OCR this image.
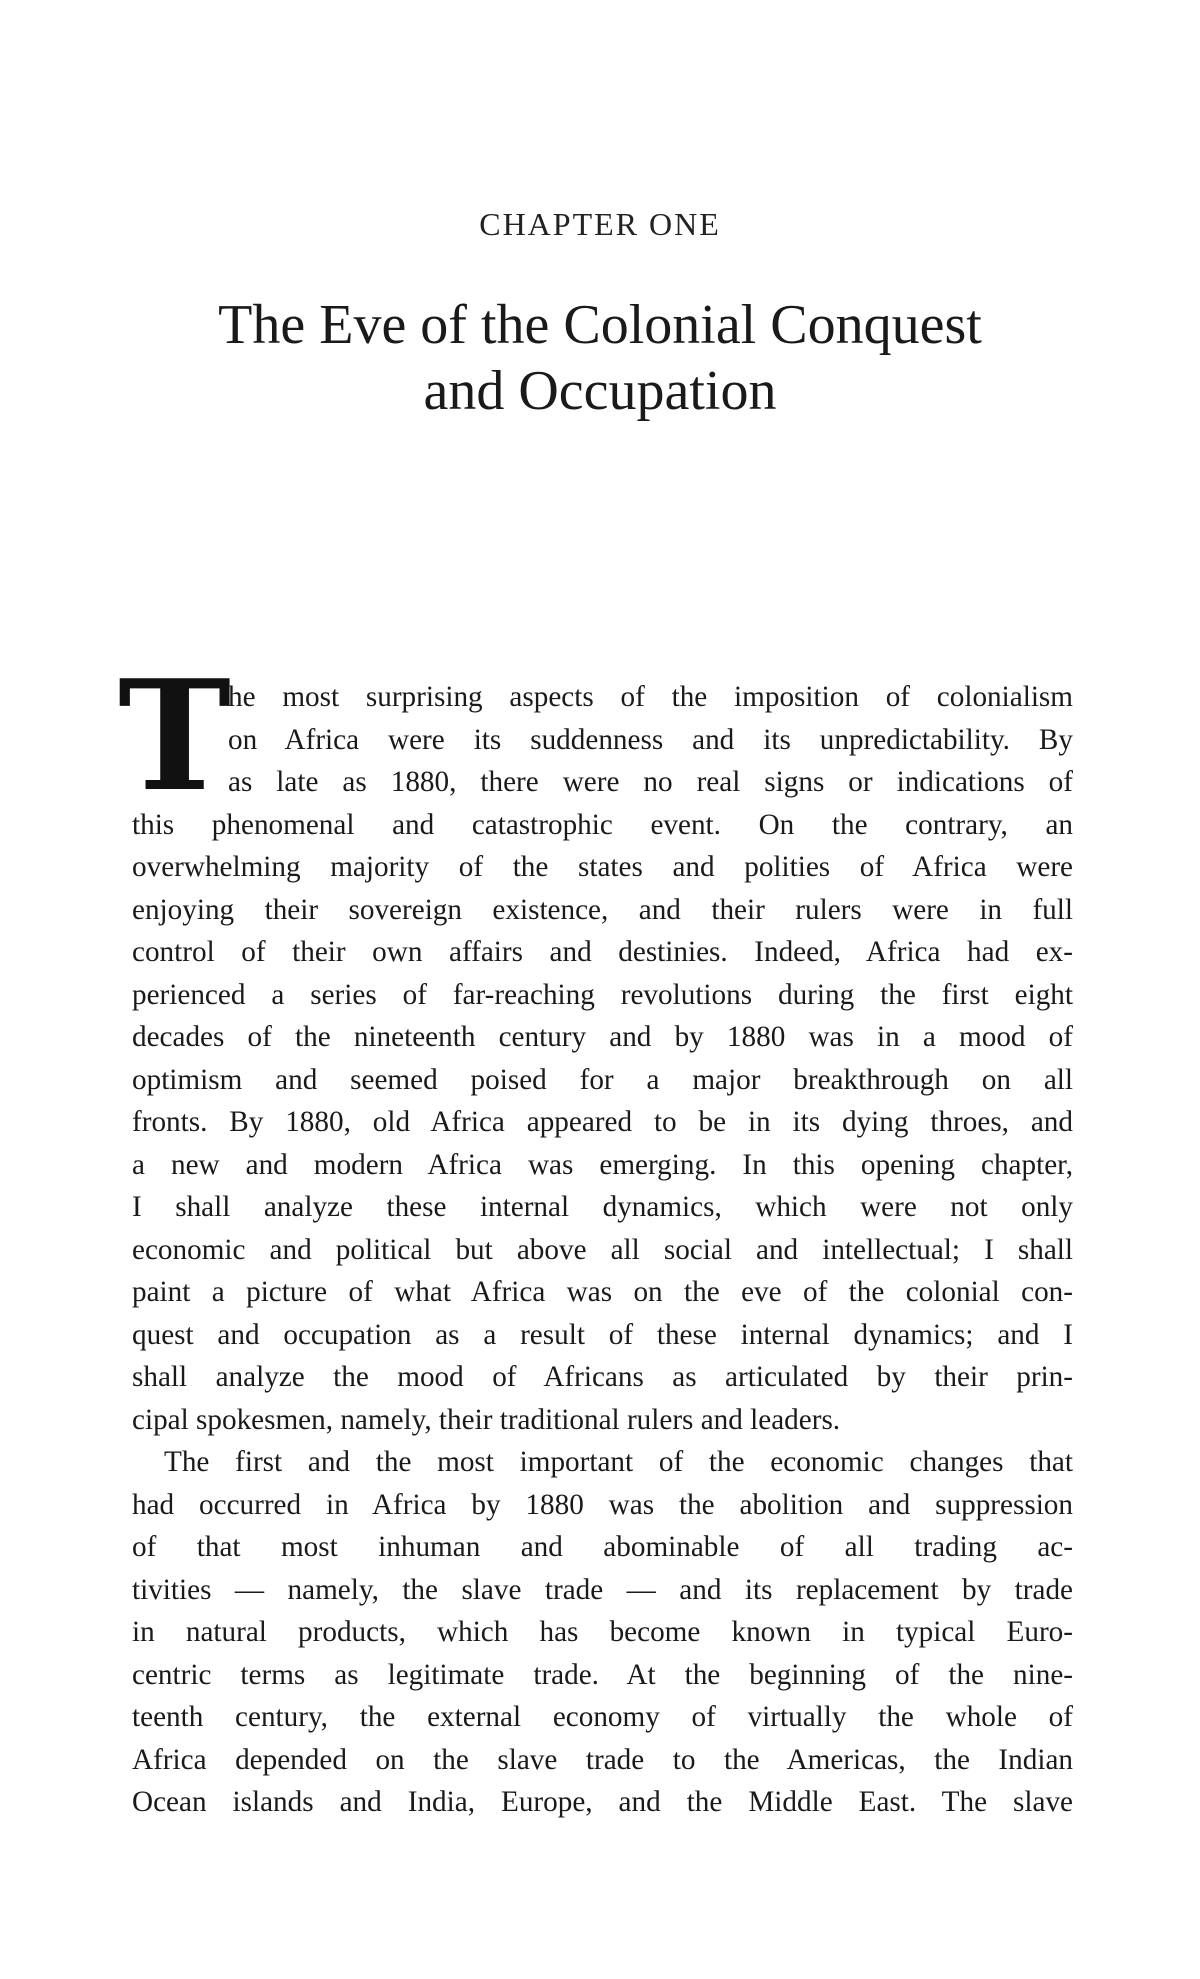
CHAPTER ONE
The Eve of the Colonial Conquest
and Occupation
T
he most surprising aspects of the imposition of colonialism
on Africa were its suddenness and its unpredictability. By
as late as 1880, there were no real signs or indications of
this phenomenal and catastrophic event. On the contrary, an
overwhelming majority of the states and polities of Africa were
enjoying their sovereign existence, and their rulers were in full
control of their own affairs and destinies. Indeed, Africa had ex-
perienced a series of far-reaching revolutions during the first eight
decades of the nineteenth century and by 1880 was in a mood of
optimism and seemed poised for a major breakthrough on all
fronts. By 1880, old Africa appeared to be in its dying throes, and
a new and modern Africa was emerging. In this opening chapter,
I shall analyze these internal dynamics, which were not only
economic and political but above all social and intellectual; I shall
paint a picture of what Africa was on the eve of the colonial con-
quest and occupation as a result of these internal dynamics; and I
shall analyze the mood of Africans as articulated by their prin-
cipal spokesmen, namely, their traditional rulers and leaders.
The first and the most important of the economic changes that
had occurred in Africa by 1880 was the abolition and suppression
of that most inhuman and abominable of all trading ac-
tivities — namely, the slave trade — and its replacement by trade
in natural products, which has become known in typical Euro-
centric terms as legitimate trade. At the beginning of the nine-
teenth century, the external economy of virtually the whole of
Africa depended on the slave trade to the Americas, the Indian
Ocean islands and India, Europe, and the Middle East. The slave
